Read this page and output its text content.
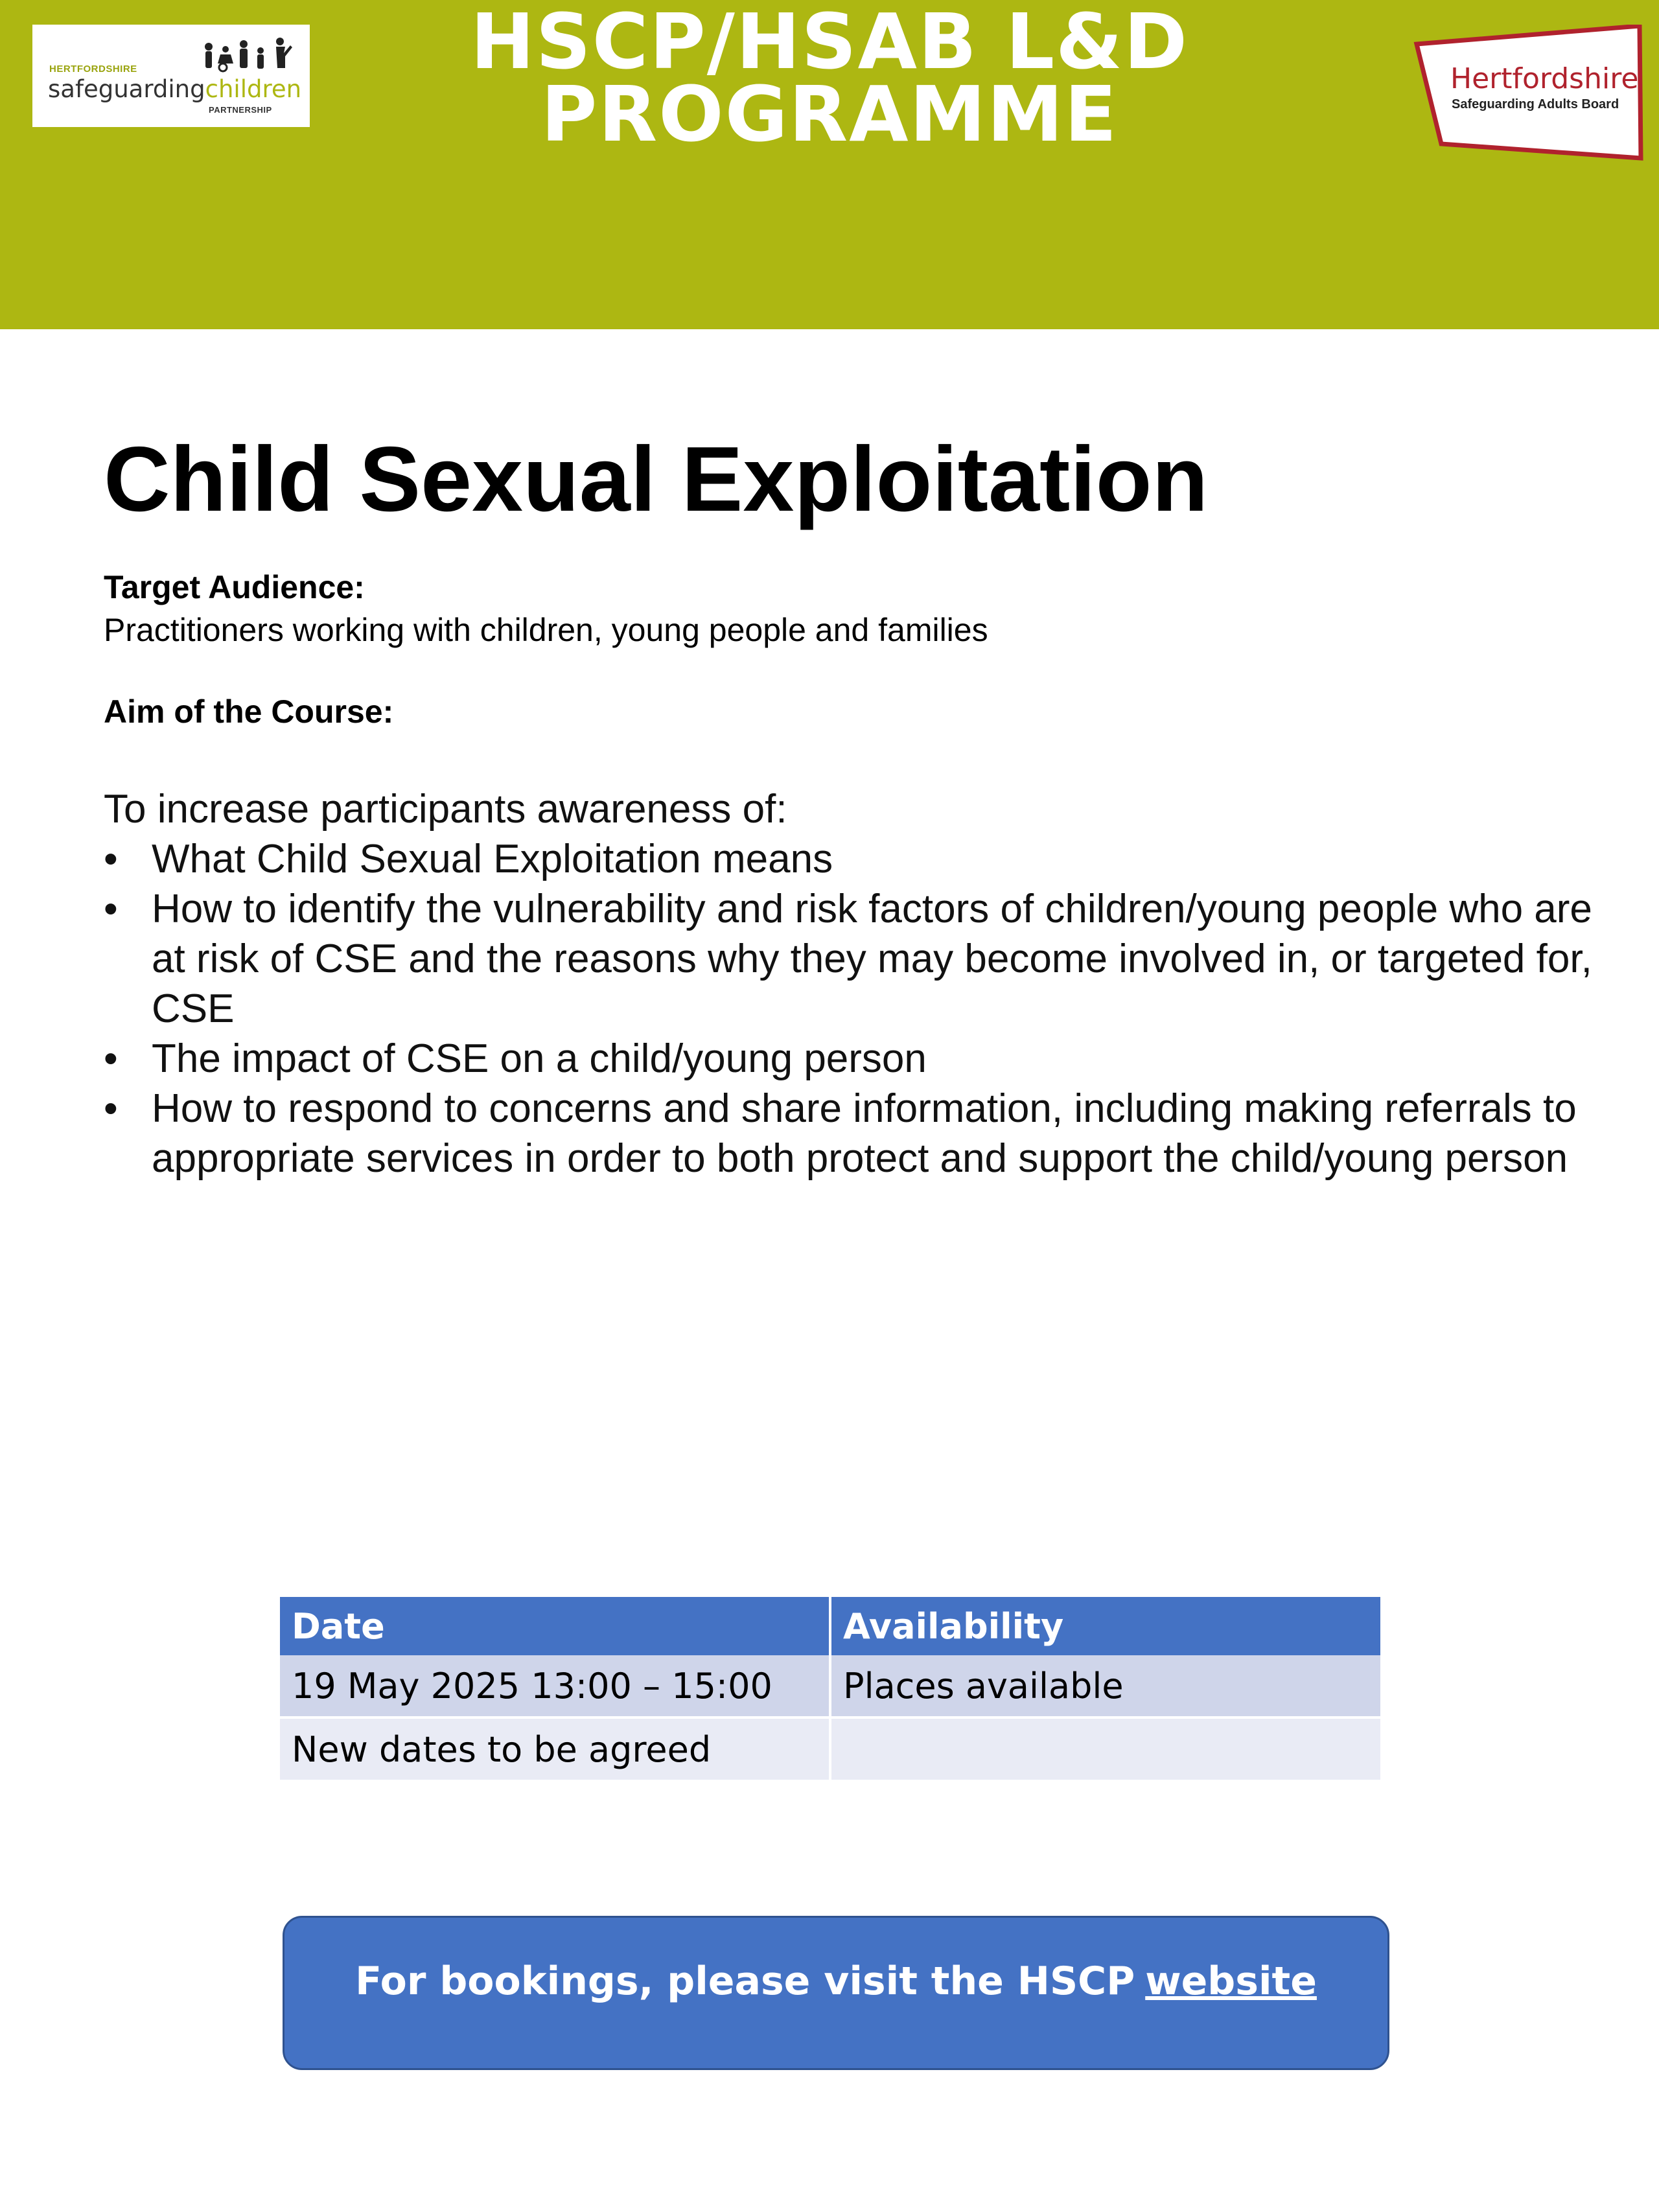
HERTFORDSHIRE
safeguardingchildren
PARTNERSHIP
HSCP/HSAB L&D
PROGRAMME	Hertfordshire
Safeguarding Adults Board
Child Sexual Exploitation
Target Audience:
Practitioners working with children, young people and families
Aim of the Course:

To increase participants awareness of:

• What Child Sexual Exploitation means
• How to identify the vulnerability and risk factors of children/young people who are at risk of CSE and the reasons why they may become involved in, or targeted for, CSE
• The impact of CSE on a child/young person
• How to respond to concerns and share information, including making referrals to appropriate services in order to both protect and support the child/young person
Date	Availability
19 May 2025 13:00 – 15:00	Places available
New dates to be agreed	
For bookings, please visit the HSCP website
